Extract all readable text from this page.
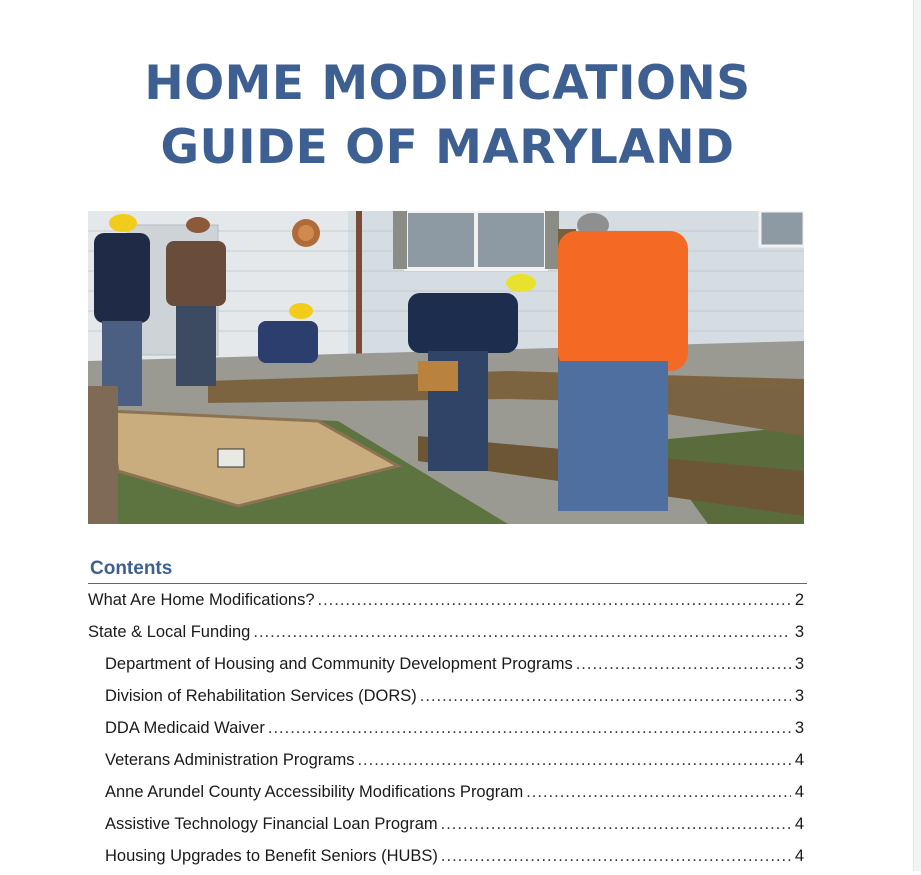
HOME MODIFICATIONS
GUIDE OF MARYLAND
Contents
What Are Home Modifications? .....	2
State & Local Funding .....	3
Department of Housing and Community Development Programs .....	3
Division of Rehabilitation Services (DORS) .....	3
DDA Medicaid Waiver .....	3
Veterans Administration Programs .....	4
Anne Arundel County Accessibility Modifications Program .....	4
Assistive Technology Financial Loan Program .....	4
Housing Upgrades to Benefit Seniors (HUBS) .....	4
